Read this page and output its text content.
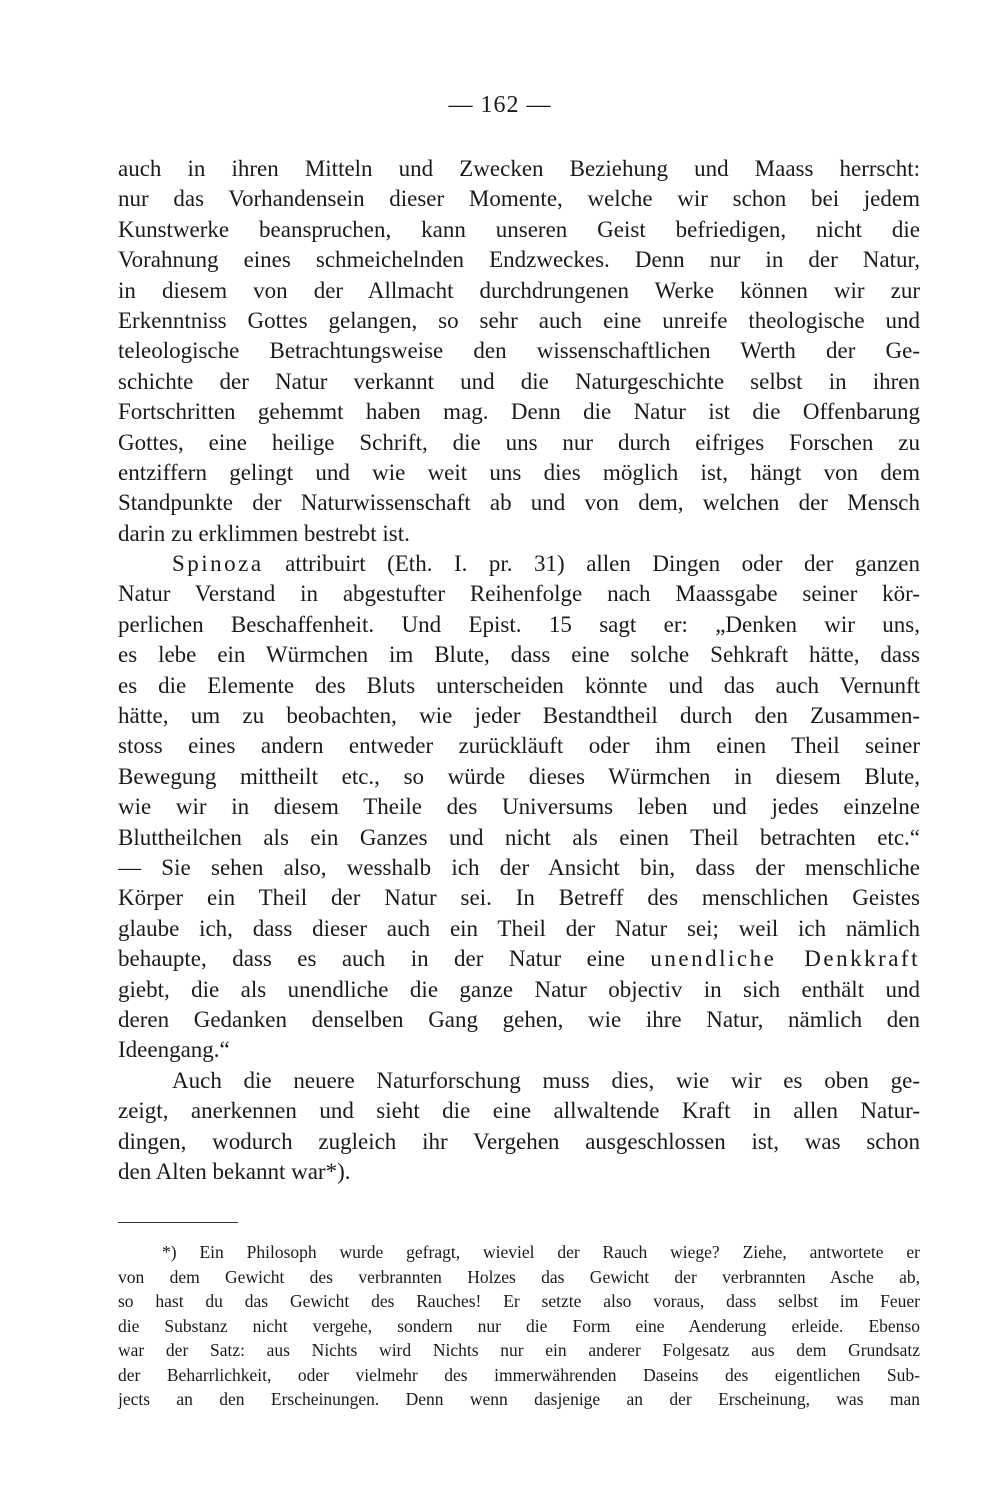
— 162 —
auch in ihren Mitteln und Zwecken Beziehung und Maass herrscht:
nur das Vorhandensein dieser Momente, welche wir schon bei jedem
Kunstwerke beanspruchen, kann unseren Geist befriedigen, nicht die
Vorahnung eines schmeichelnden Endzweckes. Denn nur in der Natur,
in diesem von der Allmacht durchdrungenen Werke können wir zur
Erkenntniss Gottes gelangen, so sehr auch eine unreife theologische und
teleologische Betrachtungsweise den wissenschaftlichen Werth der Ge-
schichte der Natur verkannt und die Naturgeschichte selbst in ihren
Fortschritten gehemmt haben mag. Denn die Natur ist die Offenbarung
Gottes, eine heilige Schrift, die uns nur durch eifriges Forschen zu
entziffern gelingt und wie weit uns dies möglich ist, hängt von dem
Standpunkte der Naturwissenschaft ab und von dem, welchen der Mensch
darin zu erklimmen bestrebt ist.
Spinoza attribuirt (Eth. I. pr. 31) allen Dingen oder der ganzen
Natur Verstand in abgestufter Reihenfolge nach Maassgabe seiner kör-
perlichen Beschaffenheit. Und Epist. 15 sagt er: „Denken wir uns,
es lebe ein Würmchen im Blute, dass eine solche Sehkraft hätte, dass
es die Elemente des Bluts unterscheiden könnte und das auch Vernunft
hätte, um zu beobachten, wie jeder Bestandtheil durch den Zusammen-
stoss eines andern entweder zurückläuft oder ihm einen Theil seiner
Bewegung mittheilt etc., so würde dieses Würmchen in diesem Blute,
wie wir in diesem Theile des Universums leben und jedes einzelne
Bluttheilchen als ein Ganzes und nicht als einen Theil betrachten etc.“
— Sie sehen also, wesshalb ich der Ansicht bin, dass der menschliche
Körper ein Theil der Natur sei. In Betreff des menschlichen Geistes
glaube ich, dass dieser auch ein Theil der Natur sei; weil ich nämlich
behaupte, dass es auch in der Natur eine unendliche Denkkraft
giebt, die als unendliche die ganze Natur objectiv in sich enthält und
deren Gedanken denselben Gang gehen, wie ihre Natur, nämlich den
Ideengang.“
Auch die neuere Naturforschung muss dies, wie wir es oben ge-
zeigt, anerkennen und sieht die eine allwaltende Kraft in allen Natur-
dingen, wodurch zugleich ihr Vergehen ausgeschlossen ist, was schon
den Alten bekannt war*).
*) Ein Philosoph wurde gefragt, wieviel der Rauch wiege? Ziehe, antwortete er
von dem Gewicht des verbrannten Holzes das Gewicht der verbrannten Asche ab,
so hast du das Gewicht des Rauches! Er setzte also voraus, dass selbst im Feuer
die Substanz nicht vergehe, sondern nur die Form eine Aenderung erleide. Ebenso
war der Satz: aus Nichts wird Nichts nur ein anderer Folgesatz aus dem Grundsatz
der Beharrlichkeit, oder vielmehr des immerwährenden Daseins des eigentlichen Sub-
jects an den Erscheinungen. Denn wenn dasjenige an der Erscheinung, was man
